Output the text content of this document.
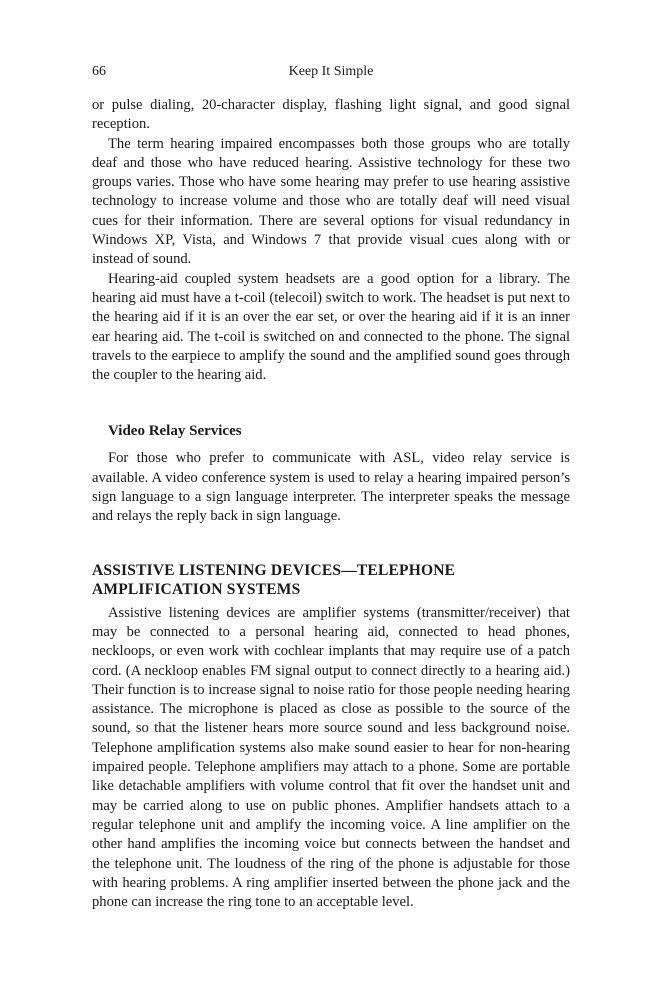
66	Keep It Simple

or pulse dialing, 20-character display, flashing light signal, and good signal reception.

The term hearing impaired encompasses both those groups who are totally deaf and those who have reduced hearing. Assistive technology for these two groups varies. Those who have some hearing may prefer to use hearing assistive technology to increase volume and those who are totally deaf will need visual cues for their information. There are several options for visual redundancy in Windows XP, Vista, and Windows 7 that provide visual cues along with or instead of sound.

Hearing-aid coupled system headsets are a good option for a library. The hearing aid must have a t-coil (telecoil) switch to work. The headset is put next to the hearing aid if it is an over the ear set, or over the hearing aid if it is an inner ear hearing aid. The t-coil is switched on and connected to the phone. The signal travels to the earpiece to amplify the sound and the amplified sound goes through the coupler to the hearing aid.

Video Relay Services

For those who prefer to communicate with ASL, video relay service is available. A video conference system is used to relay a hearing impaired person’s sign language to a sign language interpreter. The interpreter speaks the message and relays the reply back in sign language.

ASSISTIVE LISTENING DEVICES—TELEPHONE AMPLIFICATION SYSTEMS

Assistive listening devices are amplifier systems (transmitter/receiver) that may be connected to a personal hearing aid, connected to head phones, neckloops, or even work with cochlear implants that may require use of a patch cord. (A neckloop enables FM signal output to connect directly to a hearing aid.) Their function is to increase signal to noise ratio for those people needing hearing assistance. The microphone is placed as close as possible to the source of the sound, so that the listener hears more source sound and less background noise. Telephone amplification systems also make sound easier to hear for non-hearing impaired people. Telephone amplifiers may attach to a phone. Some are portable like detachable amplifiers with volume control that fit over the handset unit and may be carried along to use on public phones. Amplifier handsets attach to a regular telephone unit and amplify the incoming voice. A line amplifier on the other hand amplifies the incoming voice but connects between the handset and the telephone unit. The loudness of the ring of the phone is adjustable for those with hearing problems. A ring amplifier inserted between the phone jack and the phone can increase the ring tone to an acceptable level.
